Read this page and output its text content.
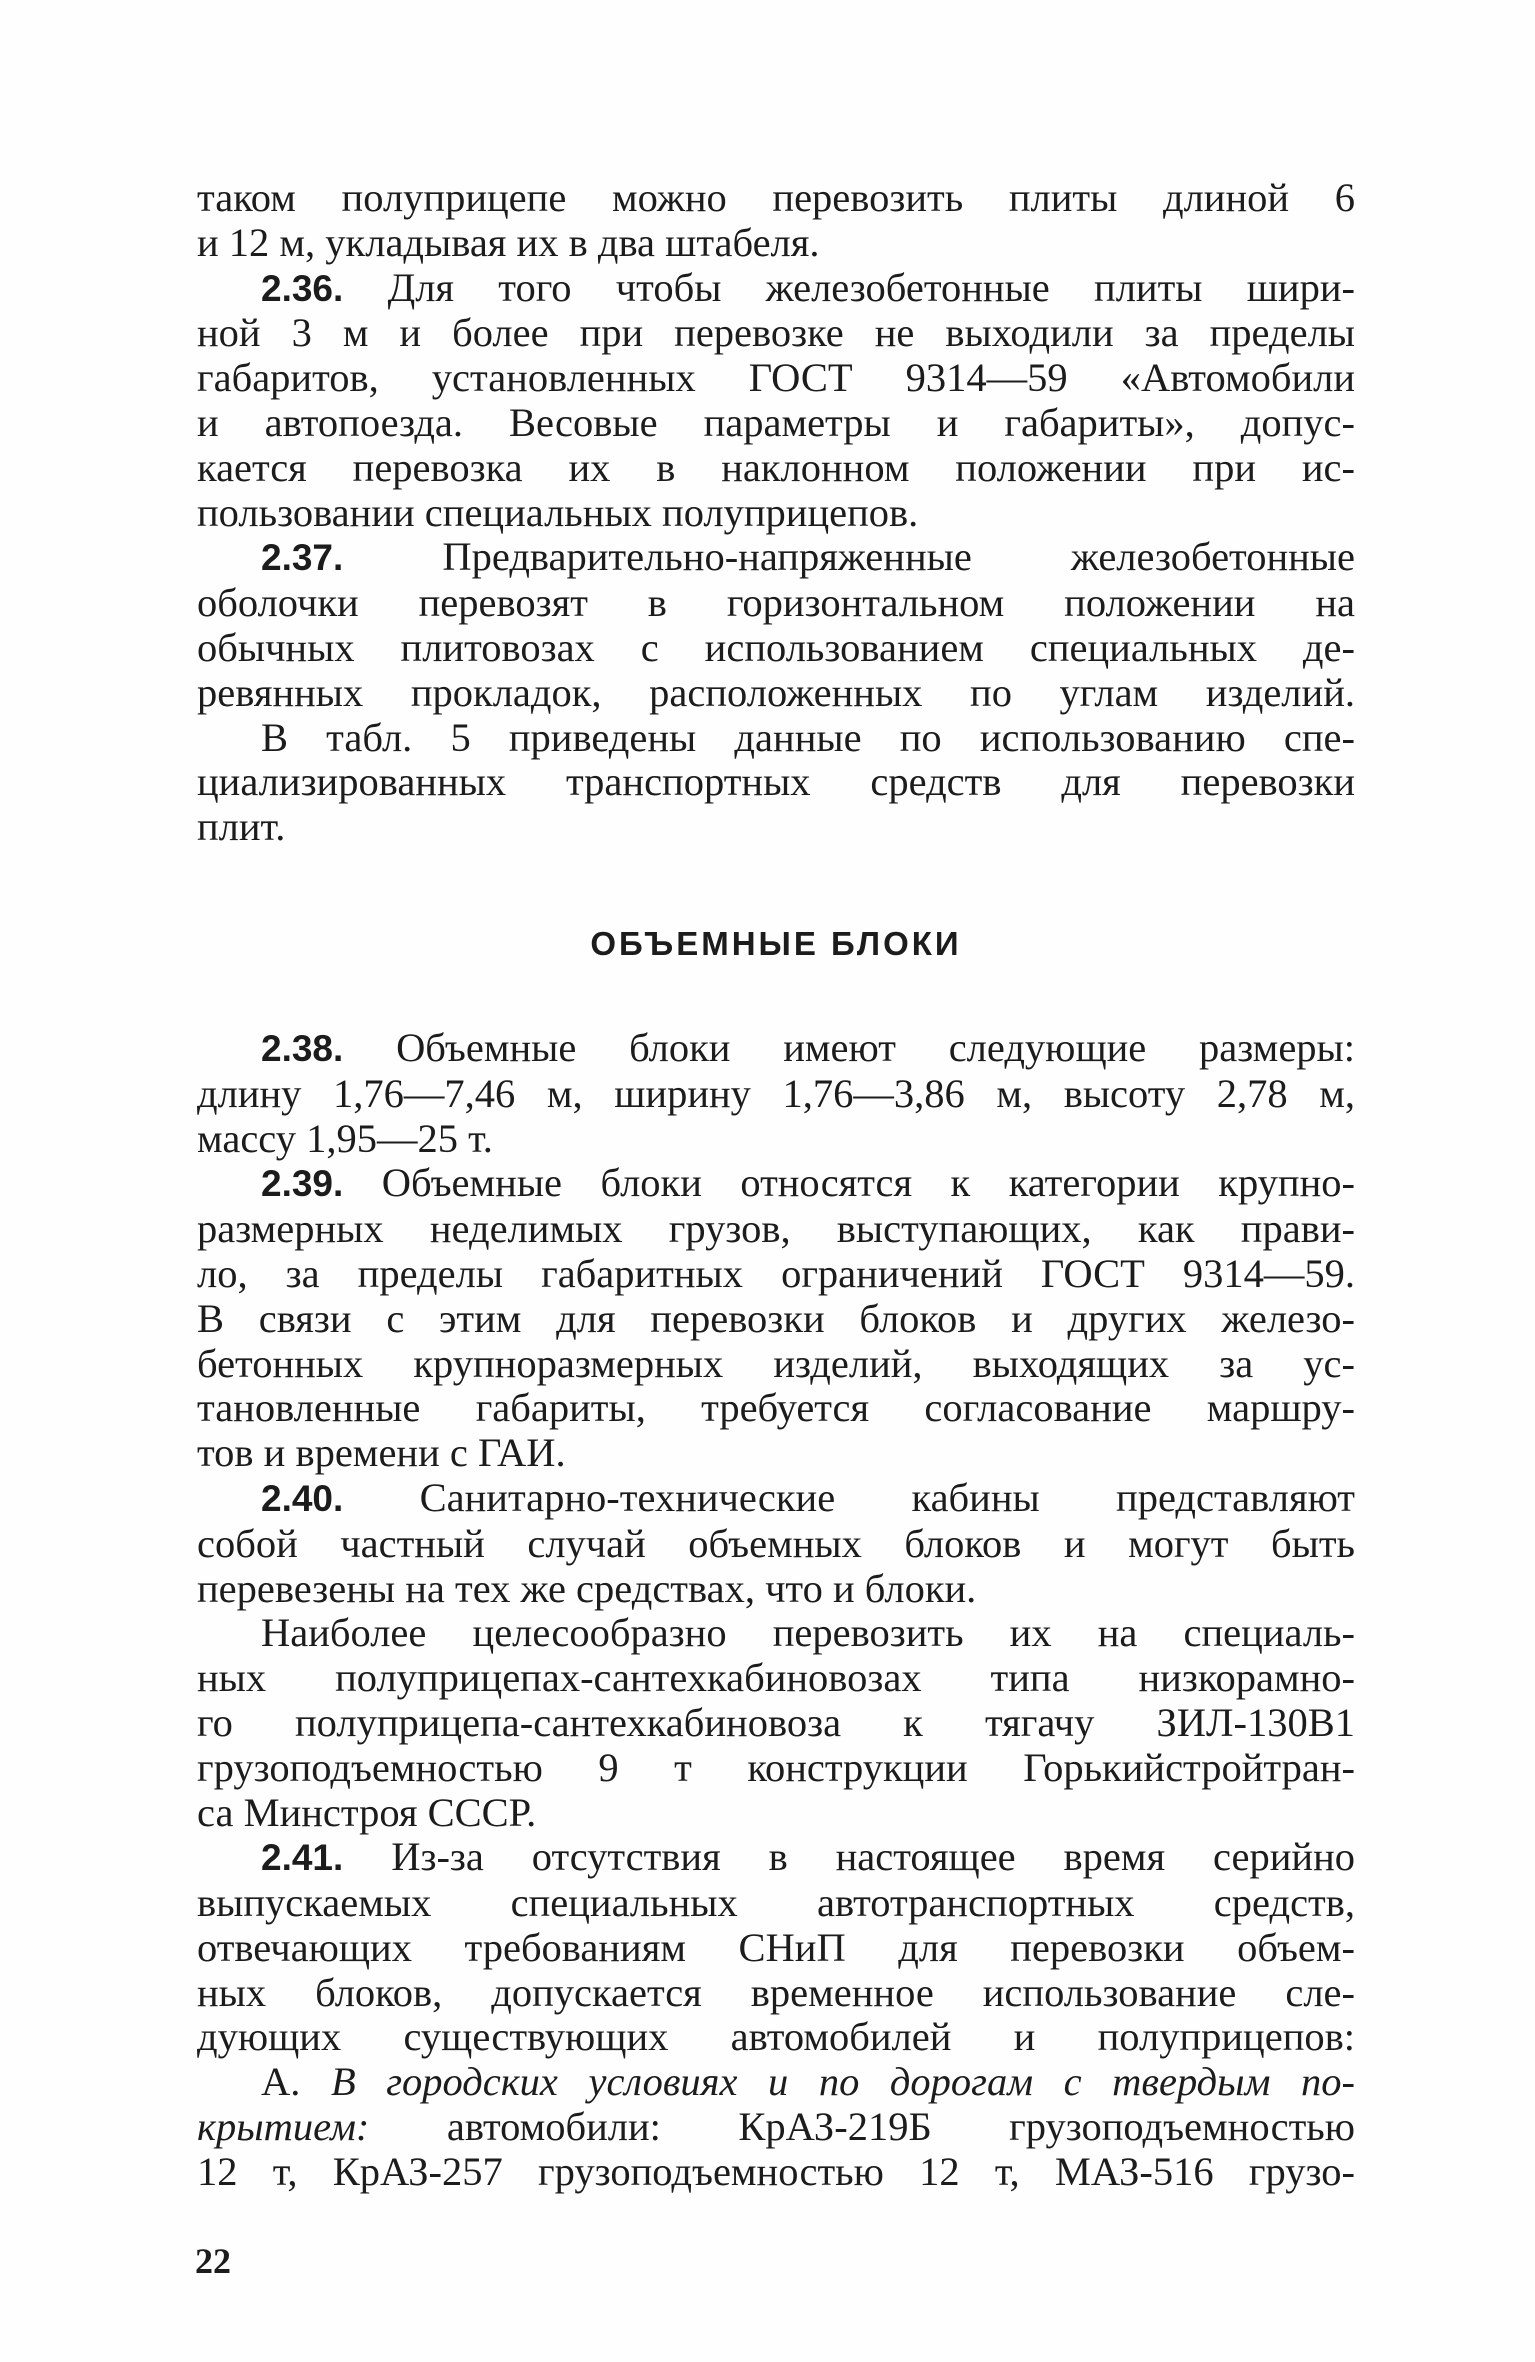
таком полуприцепе можно перевозить плиты длиной 6
и 12 м, укладывая их в два штабеля.
2.36. Для того чтобы железобетонные плиты шири-
ной 3 м и более при перевозке не выходили за пределы
габаритов, установленных ГОСТ 9314—59 «Автомобили
и автопоезда. Весовые параметры и габариты», допус-
кается перевозка их в наклонном положении при ис-
пользовании специальных полуприцепов.
2.37. Предварительно-напряженные железобетонные
оболочки перевозят в горизонтальном положении на
обычных плитовозах с использованием специальных де-
ревянных прокладок, расположенных по углам изделий.
В табл. 5 приведены данные по использованию спе-
циализированных транспортных средств для перевозки
плит.
ОБЪЕМНЫЕ БЛОКИ
2.38. Объемные блоки имеют следующие размеры:
длину 1,76—7,46 м, ширину 1,76—3,86 м, высоту 2,78 м,
массу 1,95—25 т.
2.39. Объемные блоки относятся к категории крупно-
размерных неделимых грузов, выступающих, как прави-
ло, за пределы габаритных ограничений ГОСТ 9314—59.
В связи с этим для перевозки блоков и других железо-
бетонных крупноразмерных изделий, выходящих за ус-
тановленные габариты, требуется согласование маршру-
тов и времени с ГАИ.
2.40. Санитарно-технические кабины представляют
собой частный случай объемных блоков и могут быть
перевезены на тех же средствах, что и блоки.
Наиболее целесообразно перевозить их на специаль-
ных полуприцепах-сантехкабиновозах типа низкорамно-
го полуприцепа-сантехкабиновоза к тягачу ЗИЛ-130В1
грузоподъемностью 9 т конструкции Горькийстройтран-
са Минстроя СССР.
2.41. Из-за отсутствия в настоящее время серийно
выпускаемых специальных автотранспортных средств,
отвечающих требованиям СНиП для перевозки объем-
ных блоков, допускается временное использование сле-
дующих существующих автомобилей и полуприцепов:
А. В городских условиях и по дорогам с твердым по-
крытием: автомобили: КрАЗ-219Б грузоподъемностью
12 т, КрАЗ-257 грузоподъемностью 12 т, МАЗ-516 грузо-
22
